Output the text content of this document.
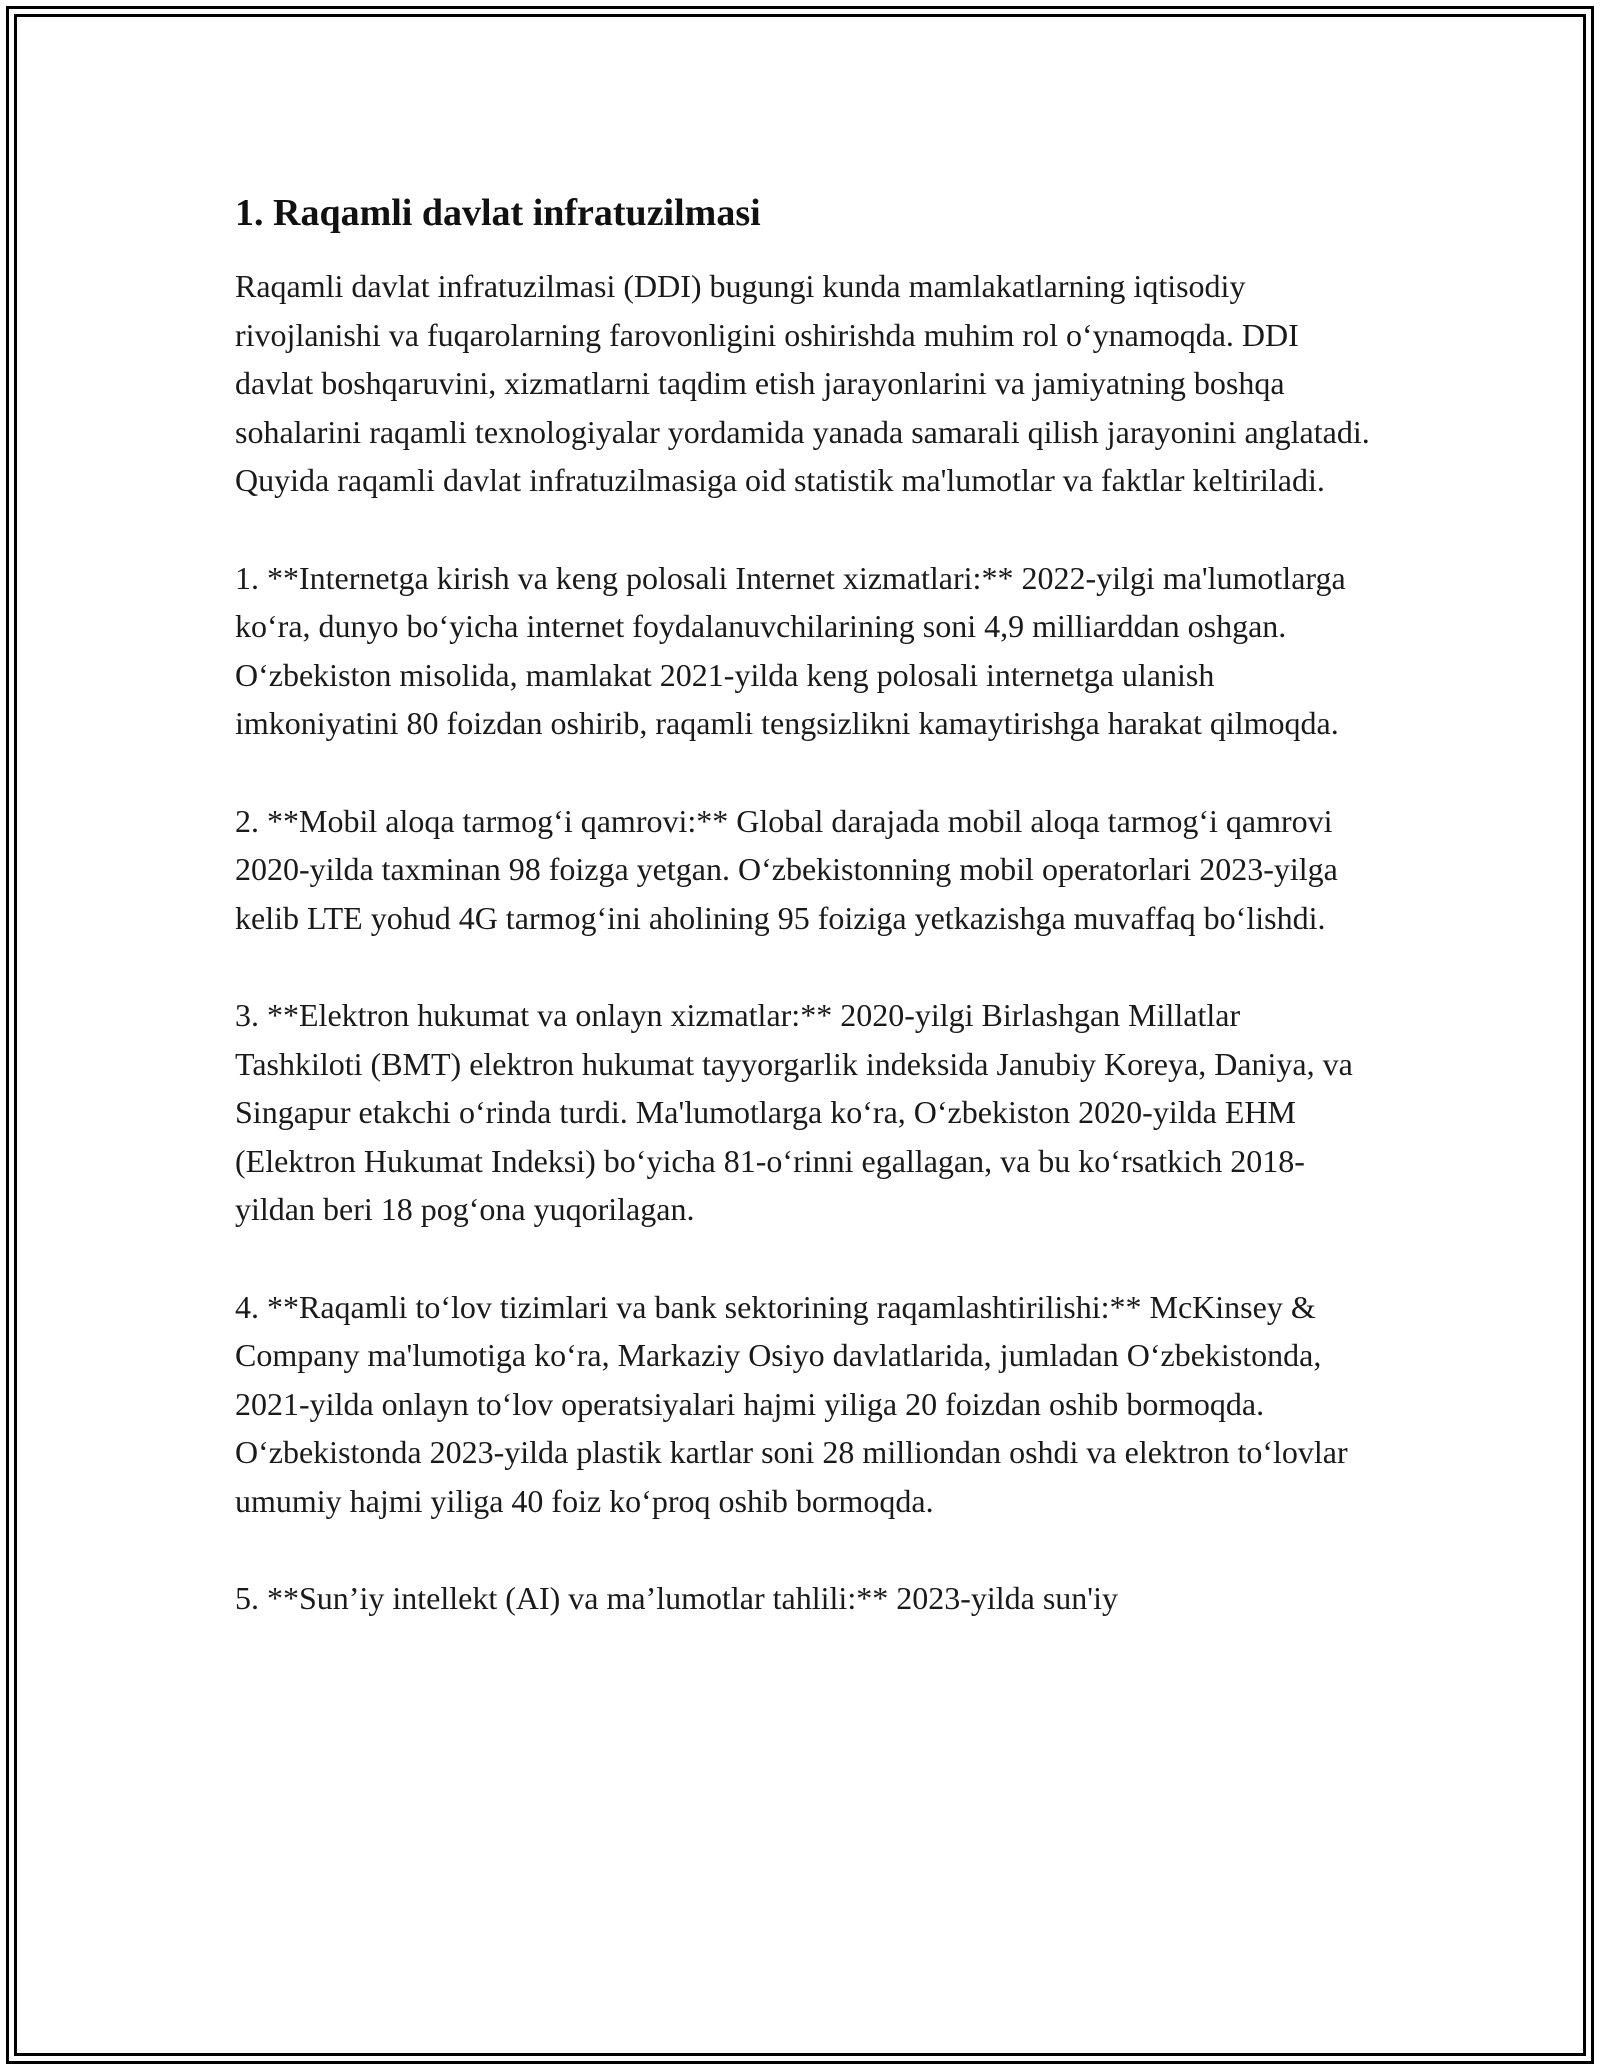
1. Raqamli davlat infratuzilmasi

Raqamli davlat infratuzilmasi (DDI) bugungi kunda mamlakatlarning iqtisodiy rivojlanishi va fuqarolarning farovonligini oshirishda muhim rol o‘ynamoqda. DDI davlat boshqaruvini, xizmatlarni taqdim etish jarayonlarini va jamiyatning boshqa sohalarini raqamli texnologiyalar yordamida yanada samarali qilish jarayonini anglatadi. Quyida raqamli davlat infratuzilmasiga oid statistik ma'lumotlar va faktlar keltiriladi.

1. **Internetga kirish va keng polosali Internet xizmatlari:** 2022-yilgi ma'lumotlarga ko‘ra, dunyo bo‘yicha internet foydalanuvchilarining soni 4,9 milliarddan oshgan. O‘zbekiston misolida, mamlakat 2021-yilda keng polosali internetga ulanish imkoniyatini 80 foizdan oshirib, raqamli tengsizlikni kamaytirishga harakat qilmoqda.

2. **Mobil aloqa tarmog‘i qamrovi:** Global darajada mobil aloqa tarmog‘i qamrovi 2020-yilda taxminan 98 foizga yetgan. O‘zbekistonning mobil operatorlari 2023-yilga kelib LTE yohud 4G tarmog‘ini aholining 95 foiziga yetkazishga muvaffaq bo‘lishdi.

3. **Elektron hukumat va onlayn xizmatlar:** 2020-yilgi Birlashgan Millatlar Tashkiloti (BMT) elektron hukumat tayyorgarlik indeksida Janubiy Koreya, Daniya, va Singapur etakchi o‘rinda turdi. Ma'lumotlarga ko‘ra, O‘zbekiston 2020-yilda EHM (Elektron Hukumat Indeksi) bo‘yicha 81-o‘rinni egallagan, va bu ko‘rsatkich 2018-yildan beri 18 pog‘ona yuqorilagan.

4. **Raqamli to‘lov tizimlari va bank sektorining raqamlashtirilishi:** McKinsey & Company ma'lumotiga ko‘ra, Markaziy Osiyo davlatlarida, jumladan O‘zbekistonda, 2021-yilda onlayn to‘lov operatsiyalari hajmi yiliga 20 foizdan oshib bormoqda. O‘zbekistonda 2023-yilda plastik kartlar soni 28 milliondan oshdi va elektron to‘lovlar umumiy hajmi yiliga 40 foiz ko‘proq oshib bormoqda.

5. **Sun’iy intellekt (AI) va ma’lumotlar tahlili:** 2023-yilda sun'iy
